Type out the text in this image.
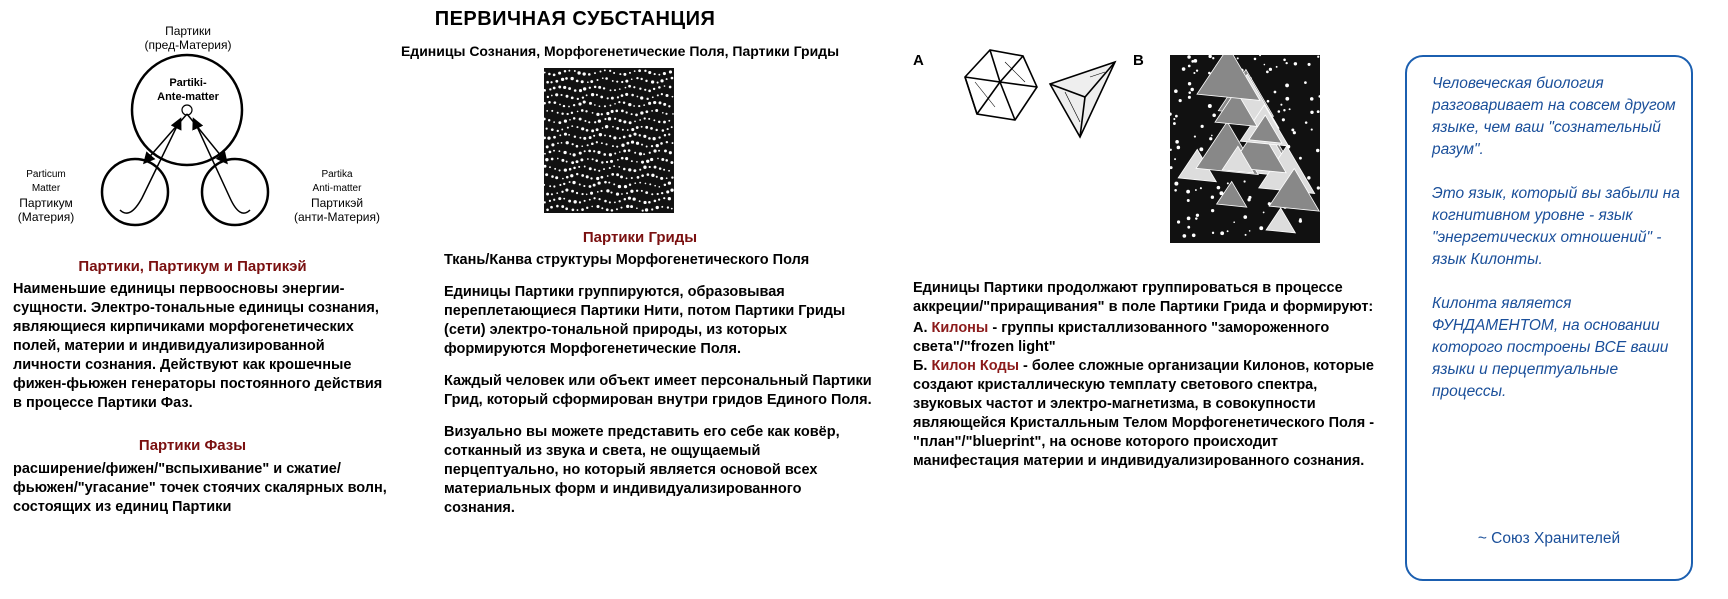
ПЕРВИЧНАЯ СУБСТАНЦИЯ
Единицы Сознания, Морфогенетические Поля, Партики Гриды
Партики
(пред-Материя)
Partiki-
Ante-matter
Particum
Matter
Партикум
(Материя)
Partika
Anti-matter
Партикэй
(анти-Материя)
Партики, Партикум и Партикэй

Наименьшие единицы первоосновы энергии-сущности. Электро-тональные единицы сознания, являющиеся кирпичиками морфогенетических полей, материи и индивидуализированной личности сознания. Действуют как крошечные фижен-фьюжен генераторы постоянного действия в процессе Партики Фаз.

Партики Фазы

расширение/фижен/"вспыхивание" и сжатие/фьюжен/"угасание" точек стоячих скалярных волн, состоящих из единиц Партики

Партики Гриды

Ткань/Канва структуры Морфогенетического Поля

Единицы Партики группируются, образовывая переплетающиеся Партики Нити, потом Партики Гриды (сети) электро-тональной природы, из которых формируются Морфогенетические Поля.

Каждый человек или объект имеет персональный Партики Грид, который сформирован внутри гридов Единого Поля.

Визуально вы можете представить его себе как ковёр, сотканный из звука и света, не ощущаемый перцептуально, но который является основой всех материальных форм и индивидуализированного сознания.

A	B

Единицы Партики продолжают группироваться в процессе аккреции/"приращивания" в поле Партики Грида и формируют:

А. Килоны - группы кристаллизованного "замороженного света"/"frozen light"
Б. Килон Коды - более сложные организации Килонов, которые создают кристаллическую темплату светового спектра, звуковых частот и электро-магнетизма, в совокупности являющейся Кристалльным Телом Морфогенетического Поля - "план"/"blueprint", на основе которого происходит манифестация материи и индивидуализированного сознания.

Человеческая биология разговаривает на совсем другом языке, чем ваш "сознательный разум".

Это язык, который вы забыли на когнитивном уровне - язык "энергетических отношений" - язык Килонты.

Килонта является ФУНДАМЕНТОМ, на основании которого построены ВСЕ ваши языки и перцептуальные процессы.

~ Союз Хранителей
